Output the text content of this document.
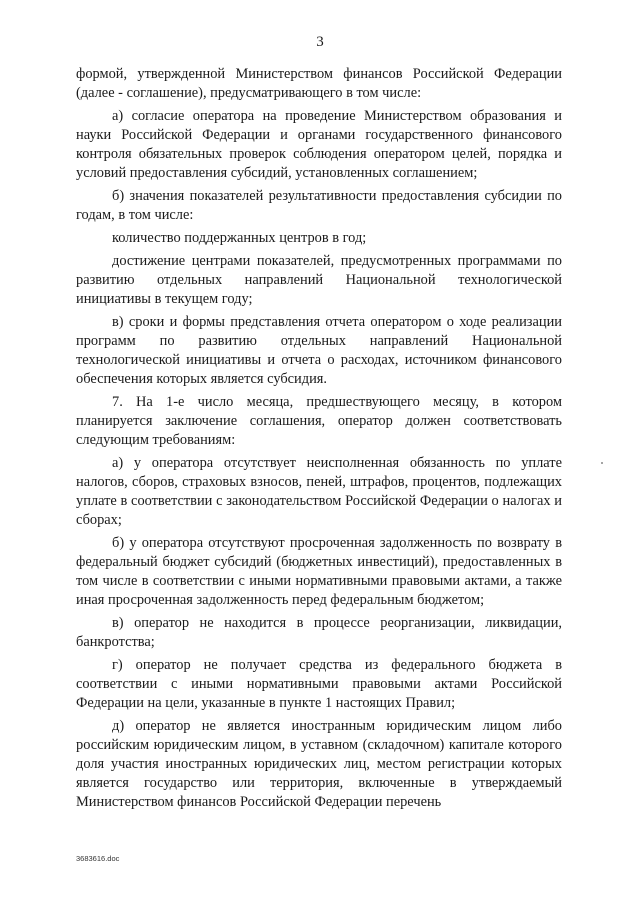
3

формой, утвержденной Министерством финансов Российской Федерации (далее - соглашение), предусматривающего в том числе:

а) согласие оператора на проведение Министерством образования и науки Российской Федерации и органами государственного финансового контроля обязательных проверок соблюдения оператором целей, порядка и условий предоставления субсидий, установленных соглашением;

б) значения показателей результативности предоставления субсидии по годам, в том числе:

количество поддержанных центров в год;

достижение центрами показателей, предусмотренных программами по развитию отдельных направлений Национальной технологической инициативы в текущем году;

в) сроки и формы представления отчета оператором о ходе реализации программ по развитию отдельных направлений Национальной технологической инициативы и отчета о расходах, источником финансового обеспечения которых является субсидия.

7. На 1-е число месяца, предшествующего месяцу, в котором планируется заключение соглашения, оператор должен соответствовать следующим требованиям:

а) у оператора отсутствует неисполненная обязанность по уплате налогов, сборов, страховых взносов, пеней, штрафов, процентов, подлежащих уплате в соответствии с законодательством Российской Федерации о налогах и сборах;

б) у оператора отсутствуют просроченная задолженность по возврату в федеральный бюджет субсидий (бюджетных инвестиций), предоставленных в том числе в соответствии с иными нормативными правовыми актами, а также иная просроченная задолженность перед федеральным бюджетом;

в) оператор не находится в процессе реорганизации, ликвидации, банкротства;

г) оператор не получает средства из федерального бюджета в соответствии с иными нормативными правовыми актами Российской Федерации на цели, указанные в пункте 1 настоящих Правил;

д) оператор не является иностранным юридическим лицом либо российским юридическим лицом, в уставном (складочном) капитале которого доля участия иностранных юридических лиц, местом регистрации которых является государство или территория, включенные в утверждаемый Министерством финансов Российской Федерации перечень

3683616.doc
